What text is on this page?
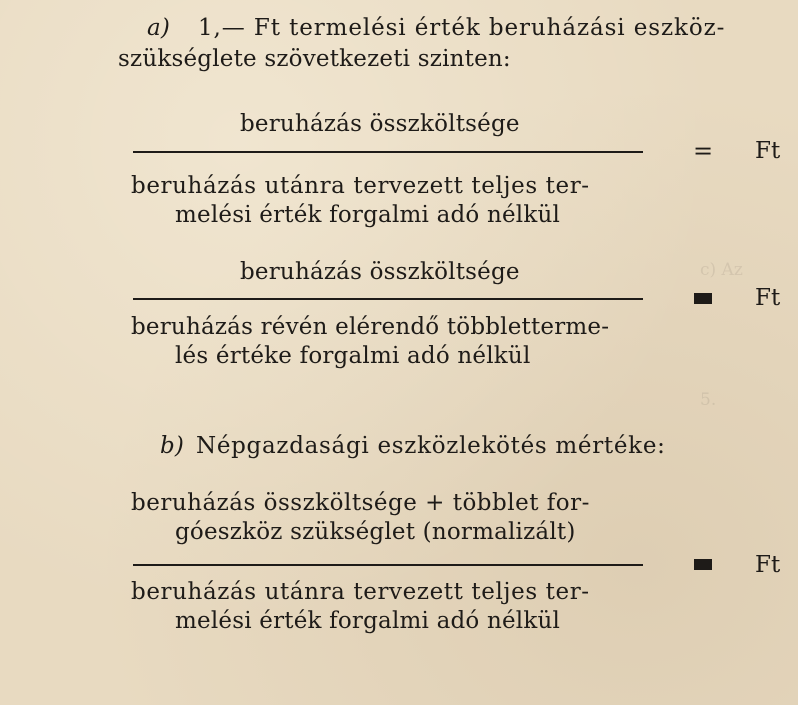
c) Az
5.
a) 1,— Ft termelési érték beruházási eszköz-
szükséglete szövetkezeti szinten:
beruházás összköltsége
= Ft
beruházás utánra tervezett teljes ter-
melési érték forgalmi adó nélkül
beruházás összköltsége
Ft
beruházás révén elérendő többletterme-
lés értéke forgalmi adó nélkül
b) Népgazdasági eszközlekötés mértéke:
beruházás összköltsége + többlet for-
góeszköz szükséglet (normalizált)
Ft
beruházás utánra tervezett teljes ter-
melési érték forgalmi adó nélkül
